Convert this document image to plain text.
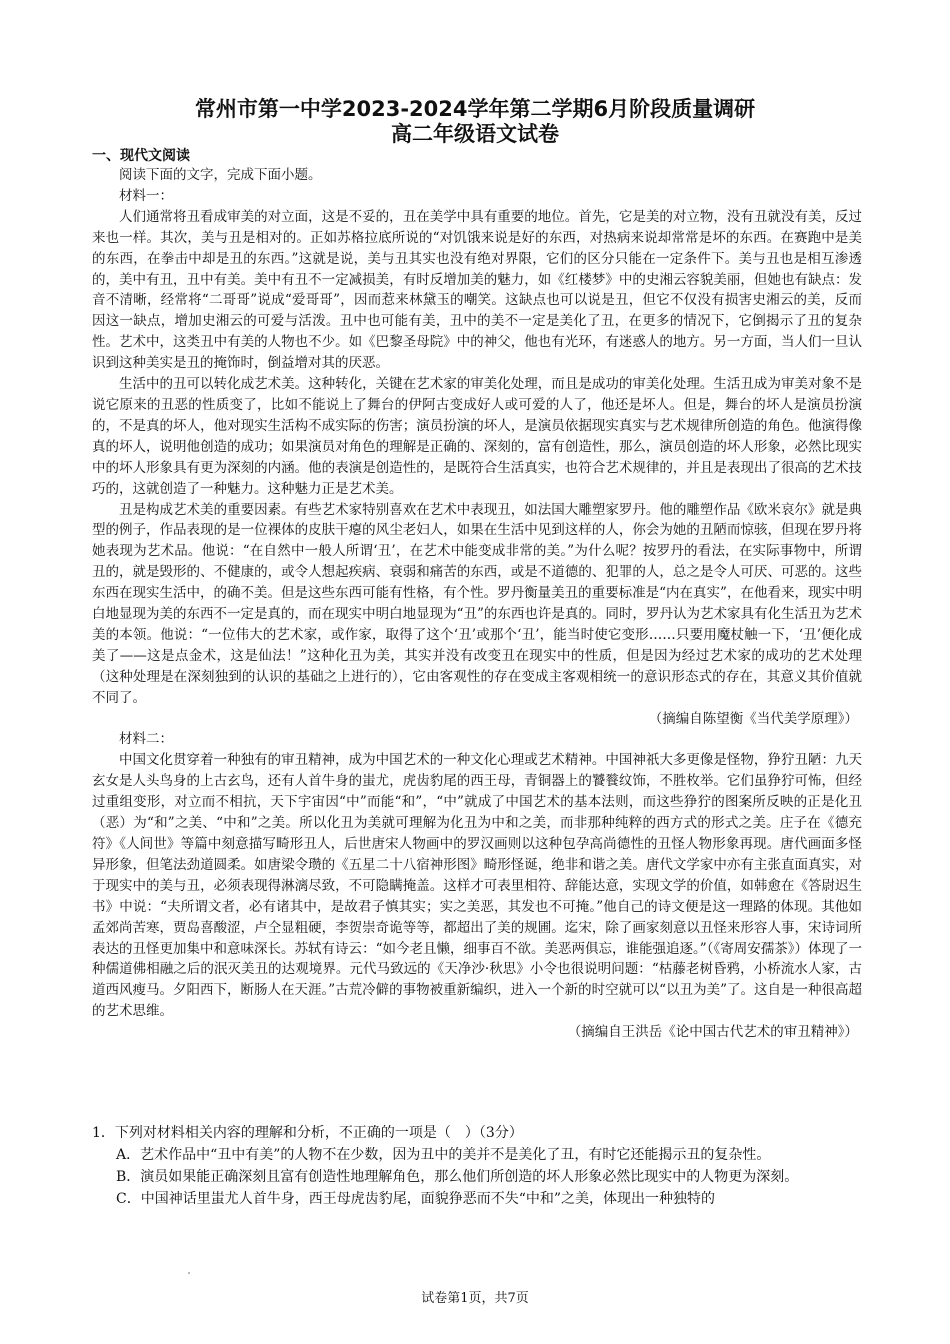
常州市第一中学2023-2024学年第二学期6月阶段质量调研
高二年级语文试卷
一、现代文阅读

阅读下面的文字，完成下面小题。

材料一：

人们通常将丑看成审美的对立面，这是不妥的，丑在美学中具有重要的地位。首先，它是美的对立物，没有丑就没有美，反过来也一样。其次，美与丑是相对的。正如苏格拉底所说的“对饥饿来说是好的东西，对热病来说却常常是坏的东西。在赛跑中是美的东西，在拳击中却是丑的东西。”这就是说，美与丑其实也没有绝对界限，它们的区分只能在一定条件下。美与丑也是相互渗透的，美中有丑，丑中有美。美中有丑不一定减损美，有时反增加美的魅力，如《红楼梦》中的史湘云容貌美丽，但她也有缺点：发音不清晰，经常将“二哥哥”说成“爱哥哥”，因而惹来林黛玉的嘲笑。这缺点也可以说是丑，但它不仅没有损害史湘云的美，反而因这一缺点，增加史湘云的可爱与活泼。丑中也可能有美，丑中的美不一定是美化了丑，在更多的情况下，它倒揭示了丑的复杂性。艺术中，这类丑中有美的人物也不少。如《巴黎圣母院》中的神父，他也有光环，有迷惑人的地方。另一方面，当人们一旦认识到这种美实是丑的掩饰时，倒益增对其的厌恶。

生活中的丑可以转化成艺术美。这种转化，关键在艺术家的审美化处理，而且是成功的审美化处理。生活丑成为审美对象不是说它原来的丑恶的性质变了，比如不能说上了舞台的伊阿古变成好人或可爱的人了，他还是坏人。但是，舞台的坏人是演员扮演的，不是真的坏人，他对现实生活构不成实际的伤害；演员扮演的坏人，是演员依据现实真实与艺术规律所创造的角色。他演得像真的坏人，说明他创造的成功；如果演员对角色的理解是正确的、深刻的，富有创造性，那么，演员创造的坏人形象，必然比现实中的坏人形象具有更为深刻的内涵。他的表演是创造性的，是既符合生活真实，也符合艺术规律的，并且是表现出了很高的艺术技巧的，这就创造了一种魅力。这种魅力正是艺术美。

丑是构成艺术美的重要因素。有些艺术家特别喜欢在艺术中表现丑，如法国大雕塑家罗丹。他的雕塑作品《欧米哀尔》就是典型的例子，作品表现的是一位裸体的皮肤干瘪的风尘老妇人，如果在生活中见到这样的人，你会为她的丑陋而惊骇，但现在罗丹将她表现为艺术品。他说：“在自然中一般人所谓‘丑’，在艺术中能变成非常的美。”为什么呢？按罗丹的看法，在实际事物中，所谓丑的，就是毁形的、不健康的，或令人想起疾病、衰弱和痛苦的东西，或是不道德的、犯罪的人，总之是令人可厌、可恶的。这些东西在现实生活中，的确不美。但是这些东西可能有性格，有个性。罗丹衡量美丑的重要标准是“内在真实”，在他看来，现实中明白地显现为美的东西不一定是真的，而在现实中明白地显现为“丑”的东西也许是真的。同时，罗丹认为艺术家具有化生活丑为艺术美的本领。他说：“一位伟大的艺术家，或作家，取得了这个‘丑’或那个‘丑’，能当时使它变形……只要用魔杖触一下，‘丑’便化成美了——这是点金术，这是仙法！”这种化丑为美，其实并没有改变丑在现实中的性质，但是因为经过艺术家的成功的艺术处理（这种处理是在深刻独到的认识的基础之上进行的），它由客观性的存在变成主客观相统一的意识形态式的存在，其意义其价值就不同了。

（摘编自陈望衡《当代美学原理》）

材料二：

中国文化贯穿着一种独有的审丑精神，成为中国艺术的一种文化心理或艺术精神。中国神祇大多更像是怪物，狰狞丑陋：九天玄女是人头鸟身的上古玄鸟，还有人首牛身的蚩尤，虎齿豹尾的西王母，青铜器上的饕餮纹饰，不胜枚举。它们虽狰狞可怖，但经过重组变形，对立而不相抗，天下宇宙因“中”而能“和”，“中”就成了中国艺术的基本法则，而这些狰狞的图案所反映的正是化丑（恶）为“和”之美、“中和”之美。所以化丑为美就可理解为化丑为中和之美，而非那种纯粹的西方式的形式之美。庄子在《德充符》《人间世》等篇中刻意描写畸形丑人，后世唐宋人物画中的罗汉画则以这种包孕高尚德性的丑怪人物形象再现。唐代画面多怪异形象，但笔法劲道圆柔。如唐梁令瓒的《五星二十八宿神形图》畸形怪诞，绝非和谐之美。唐代文学家中亦有主张直面真实，对于现实中的美与丑，必须表现得淋漓尽致，不可隐瞒掩盖。这样才可表里相符、辞能达意，实现文学的价值，如韩愈在《答尉迟生书》中说：“夫所谓文者，必有诸其中，是故君子慎其实；实之美恶，其发也不可掩。”他自己的诗文便是这一理路的体现。其他如孟郊尚苦寒，贾岛喜酸涩，卢仝显粗硬，李贺崇奇诡等等，都超出了美的规圃。迄宋，除了画家刻意以丑怪来形容人事，宋诗词所表达的丑怪更加集中和意味深长。苏轼有诗云：“如今老且懒，细事百不欲。美恶两俱忘，谁能强追逐。”（《寄周安孺茶》）体现了一种儒道佛相融之后的泯灭美丑的达观境界。元代马致远的《天净沙·秋思》小令也很说明问题：“枯藤老树昏鸦，小桥流水人家，古道西风瘦马。夕阳西下，断肠人在天涯。”古荒冷僻的事物被重新编织，进入一个新的时空就可以“以丑为美”了。这自是一种很高超的艺术思维。

（摘编自王洪岳《论中国古代艺术的审丑精神》）

1．下列对材料相关内容的理解和分析，不正确的一项是（　）（3分）

A．艺术作品中“丑中有美”的人物不在少数，因为丑中的美并不是美化了丑，有时它还能揭示丑的复杂性。

B．演员如果能正确深刻且富有创造性地理解角色，那么他们所创造的坏人形象必然比现实中的人物更为深刻。

C．中国神话里蚩尤人首牛身，西王母虎齿豹尾，面貌狰恶而不失“中和”之美，体现出一种独特的

试卷第1页，共7页
